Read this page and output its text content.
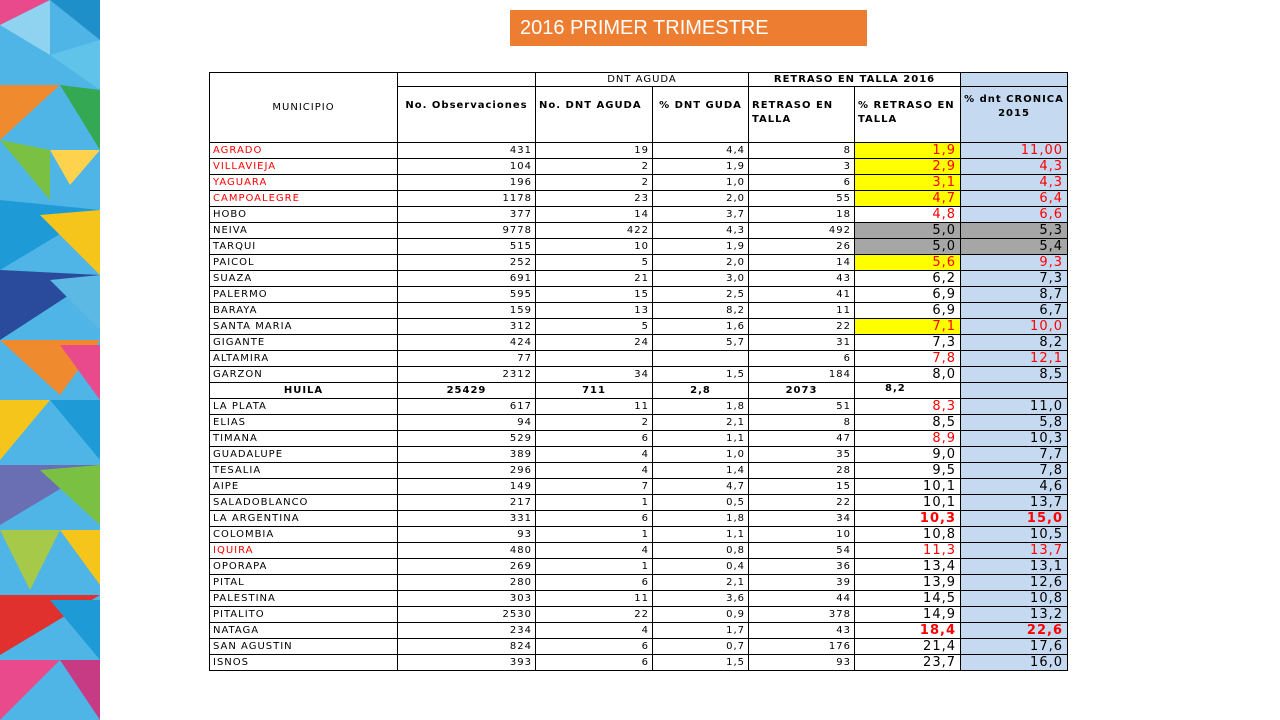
2016 PRIMER TRIMESTRE
MUNICIPIO		DNT AGUDA		RETRASO EN TALLA 2016		
	No. Observaciones	No. DNT AGUDA	% DNT GUDA	RETRASO EN TALLA	% RETRASO EN TALLA	% dnt CRONICA 2015
AGRADO	431	19	4,4	8	1,9	11,00
VILLAVIEJA	104	2	1,9	3	2,9	4,3
YAGUARA	196	2	1,0	6	3,1	4,3
CAMPOALEGRE	1178	23	2,0	55	4,7	6,4
HOBO	377	14	3,7	18	4,8	6,6
NEIVA	9778	422	4,3	492	5,0	5,3
TARQUI	515	10	1,9	26	5,0	5,4
PAICOL	252	5	2,0	14	5,6	9,3
SUAZA	691	21	3,0	43	6,2	7,3
PALERMO	595	15	2,5	41	6,9	8,7
BARAYA	159	13	8,2	11	6,9	6,7
SANTA MARIA	312	5	1,6	22	7,1	10,0
GIGANTE	424	24	5,7	31	7,3	8,2
ALTAMIRA	77			6	7,8	12,1
GARZON	2312	34	1,5	184	8,0	8,5
HUILA	25429	711	2,8	2073	8,2	
LA PLATA	617	11	1,8	51	8,3	11,0
ELIAS	94	2	2,1	8	8,5	5,8
TIMANA	529	6	1,1	47	8,9	10,3
GUADALUPE	389	4	1,0	35	9,0	7,7
TESALIA	296	4	1,4	28	9,5	7,8
AIPE	149	7	4,7	15	10,1	4,6
SALADOBLANCO	217	1	0,5	22	10,1	13,7
LA ARGENTINA	331	6	1,8	34	10,3	15,0
COLOMBIA	93	1	1,1	10	10,8	10,5
IQUIRA	480	4	0,8	54	11,3	13,7
OPORAPA	269	1	0,4	36	13,4	13,1
PITAL	280	6	2,1	39	13,9	12,6
PALESTINA	303	11	3,6	44	14,5	10,8
PITALITO	2530	22	0,9	378	14,9	13,2
NATAGA	234	4	1,7	43	18,4	22,6
SAN AGUSTIN	824	6	0,7	176	21,4	17,6
ISNOS	393	6	1,5	93	23,7	16,0
